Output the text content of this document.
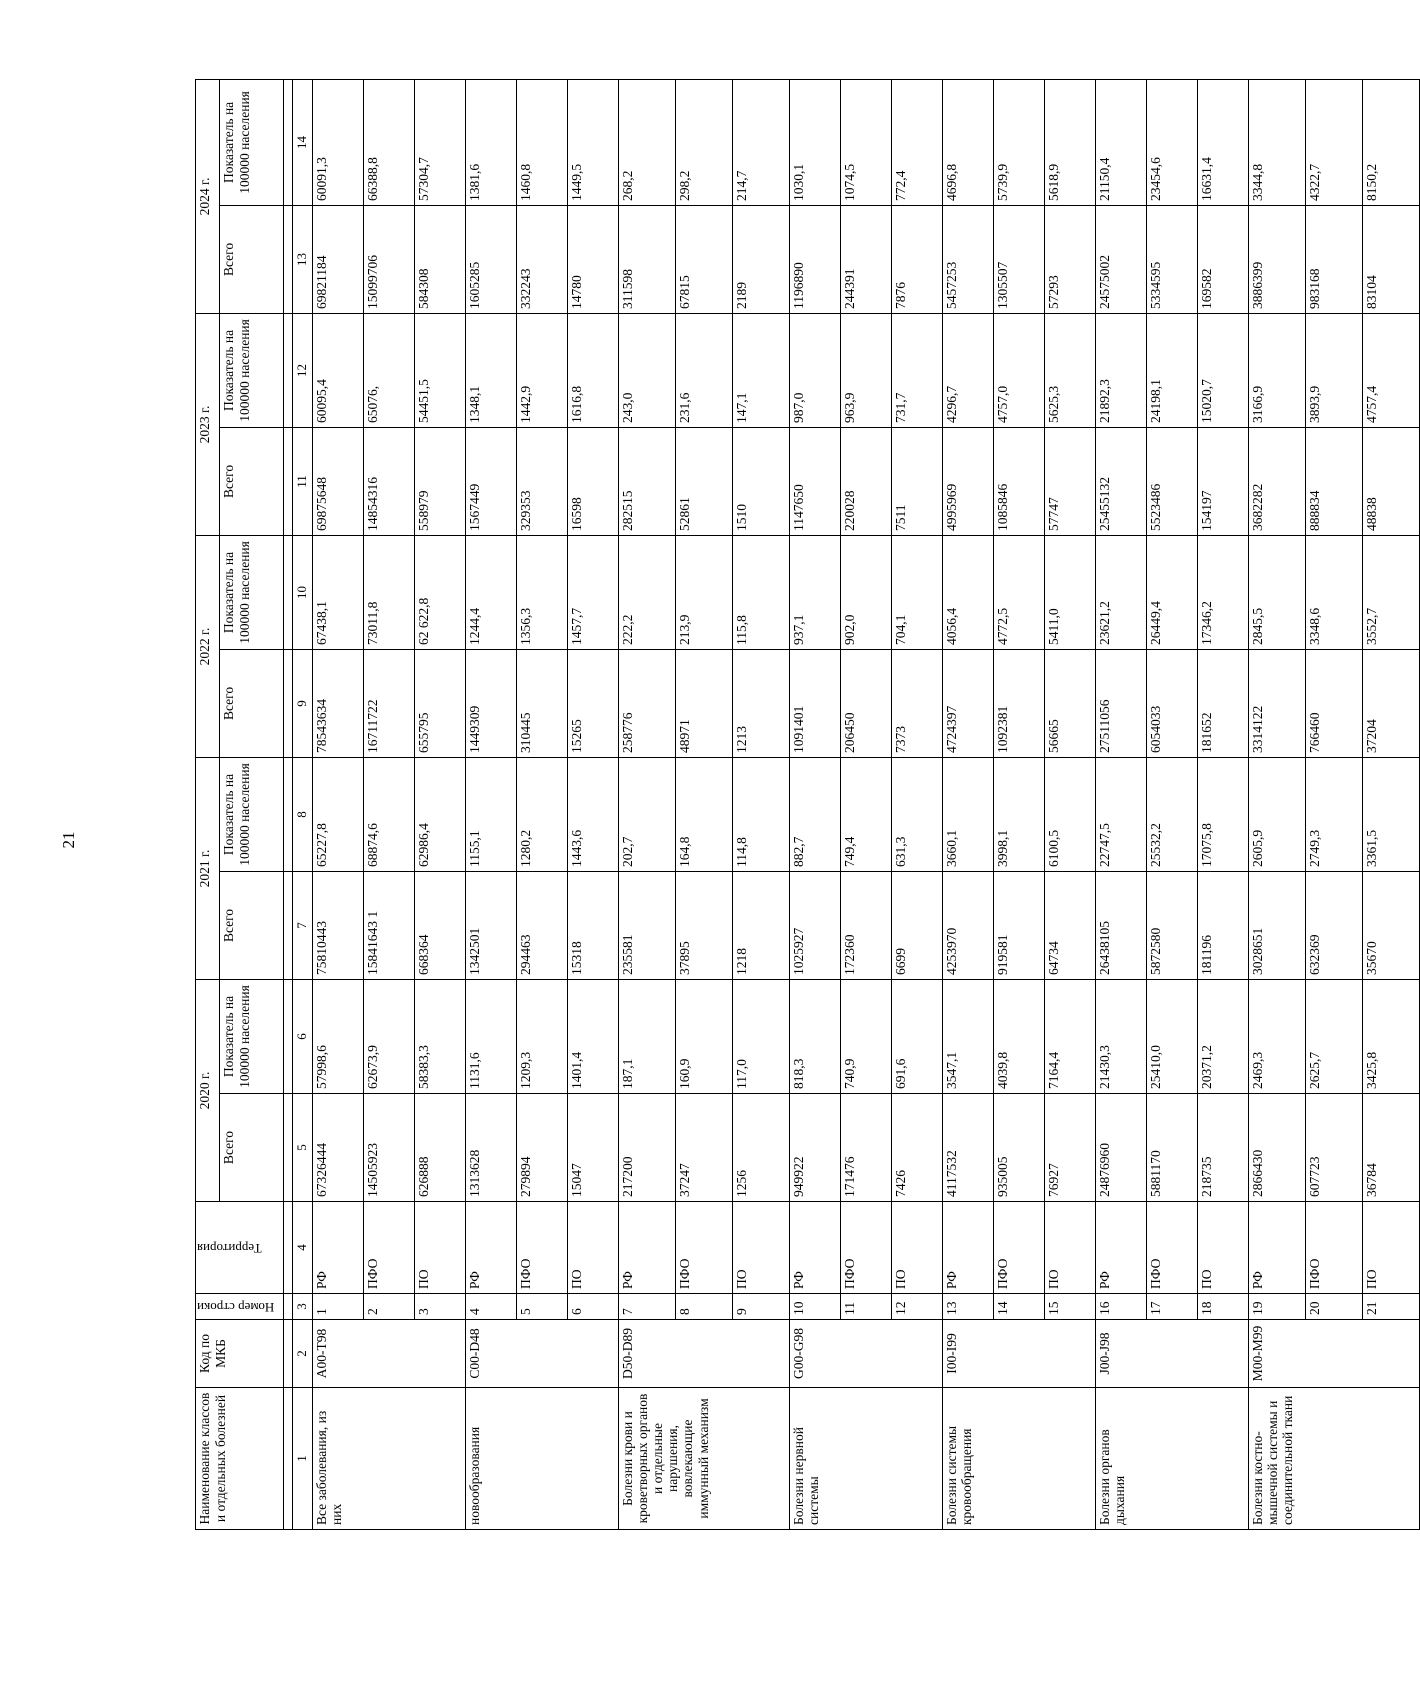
21
Наименование классов и отдельных болезней	Код по МКБ	Номер строки	Территория	2020 г.		2021 г.		2022 г.		2023 г.		2024 г.	
				Всего	Показатель на 100000 населения	Всего	Показатель на 100000 населения	Всего	Показатель на 100000 населения	Всего	Показатель на 100000 населения	Всего	Показатель на 100000 населения

1	2	3	4	5	6	7	8	9	10	11	12	13	14
Все заболевания, из них	A00-T98	1	РФ	67326444	57998,6	75810443	65227,8	78543634	67438,1	69875648	60095,4	69821184	60091,3
		2	ПФО	14505923	62673,9	15841643 1	68874,6	16711722	73011,8	14854316	65076,	15099706	66388,8
		3	ПО	626888	58383,3	668364	62986,4	655795	62 622,8	558979	54451,5	584308	57304,7
новообразования	C00-D48	4	РФ	1313628	1131,6	1342501	1155,1	1449309	1244,4	1567449	1348,1	1605285	1381,6
		5	ПФО	279894	1209,3	294463	1280,2	310445	1356,3	329353	1442,9	332243	1460,8
		6	ПО	15047	1401,4	15318	1443,6	15265	1457,7	16598	1616,8	14780	1449,5
Болезни крови и кроветворных органов и отдельные нарушения, вовлекающие иммунный механизм	D50-D89	7	РФ	217200	187,1	235581	202,7	258776	222,2	282515	243,0	311598	268,2
		8	ПФО	37247	160,9	37895	164,8	48971	213,9	52861	231,6	67815	298,2
		9	ПО	1256	117,0	1218	114,8	1213	115,8	1510	147,1	2189	214,7
Болезни нервной системы	G00-G98	10	РФ	949922	818,3	1025927	882,7	1091401	937,1	1147650	987,0	1196890	1030,1
		11	ПФО	171476	740,9	172360	749,4	206450	902,0	220028	963,9	244391	1074,5
		12	ПО	7426	691,6	6699	631,3	7373	704,1	7511	731,7	7876	772,4
Болезни системы кровообращения	I00-I99	13	РФ	4117532	3547,1	4253970	3660,1	4724397	4056,4	4995969	4296,7	5457253	4696,8
		14	ПФО	935005	4039,8	919581	3998,1	1092381	4772,5	1085846	4757,0	1305507	5739,9
		15	ПО	76927	7164,4	64734	6100,5	56665	5411,0	57747	5625,3	57293	5618,9
Болезни органов дыхания	J00-J98	16	РФ	24876960	21430,3	26438105	22747,5	27511056	23621,2	25455132	21892,3	24575002	21150,4
		17	ПФО	5881170	25410,0	5872580	25532,2	6054033	26449,4	5523486	24198,1	5334595	23454,6
		18	ПО	218735	20371,2	181196	17075,8	181652	17346,2	154197	15020,7	169582	16631,4
Болезни костно-мышечной системы и соединительной ткани	M00-M99	19	РФ	2866430	2469,3	3028651	2605,9	3314122	2845,5	3682282	3166,9	3886399	3344,8
		20	ПФО	607723	2625,7	632369	2749,3	766460	3348,6	888834	3893,9	983168	4322,7
		21	ПО	36784	3425,8	35670	3361,5	37204	3552,7	48838	4757,4	83104	8150,2
